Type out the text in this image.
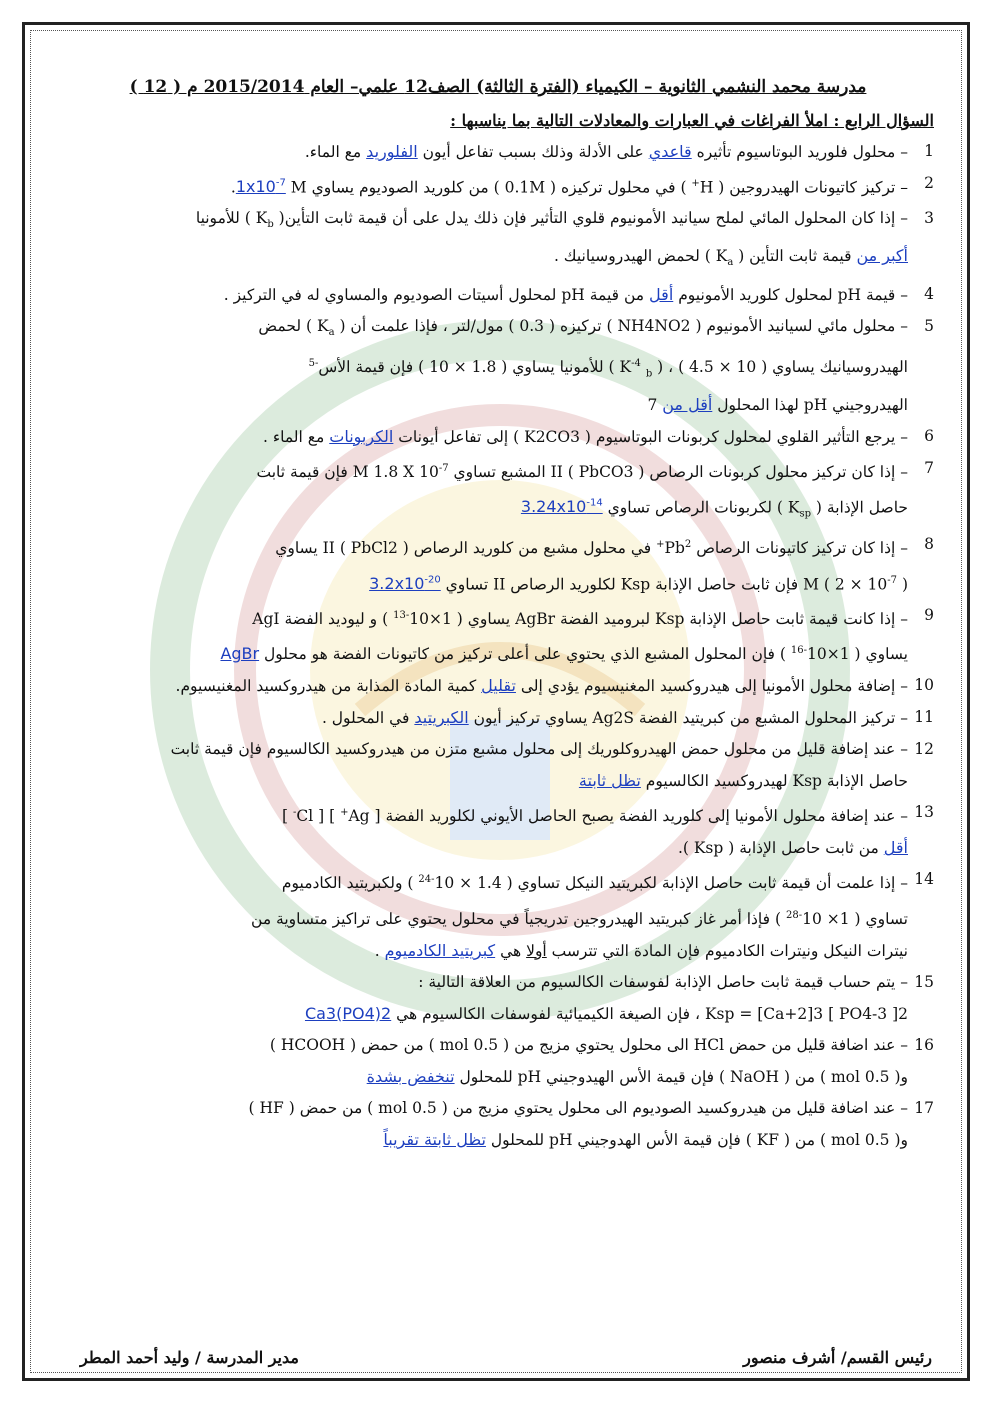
مدرسة محمد النشمي الثانوية – الكيمياء (الفترة الثالثة) الصف12 علمي– العام 2015/2014 م ( 12 )
السؤال الرابع : املأ الفراغات في العبارات والمعادلات التالية بما يناسبها :
1
– محلول فلوريد البوتاسيوم تأثيره قاعدي على الأدلة وذلك بسبب تفاعل أيون الفلوريد مع الماء.
2
– تركيز كاتيونات الهيدروجين ( H+ ) في محلول تركيزه ( 0.1M ) من كلوريد الصوديوم يساوي $1x10^{-7}$ M.
3
– إذا كان المحلول المائي لملح سيانيد الأمونيوم قلوي التأثير فإن ذلك يدل على أن قيمة ثابت التأين( $K_b$ ) للأمونيا
أكبر من قيمة ثابت التأين ( $K_a$ ) لحمض الهيدروسيانيك .
4
– قيمة pH لمحلول كلوريد الأمونيوم أقل من قيمة pH لمحلول أسيتات الصوديوم والمساوي له في التركيز .
5
– محلول مائي لسيانيد الأمونيوم ( NH4NO2 ) تركيزه ( 0.3 ) مول/لتر ، فإذا علمت أن ( $K_a$ ) لحمض
الهيدروسيانيك يساوي ( 10 × 4.5 ) ، ( $K^{-4}$ $_b$ ) للأمونيا يساوي ( 1.8 × 10 ) فإن قيمة الأس$^{-5}$
الهيدروجيني pH لهذا المحلول أقل من 7
6
– يرجع التأثير القلوي لمحلول كربونات البوتاسيوم ( K2CO3 ) إلى تفاعل أيونات الكربونات مع الماء .
7
– إذا كان تركيز محلول كربونات الرصاص II ( PbCO3 ) المشبع تساوي M 1.8 X $10^{-7}$ فإن قيمة ثابت
حاصل الإذابة ( $K_{sp}$ ) لكربونات الرصاص تساوي $3.24x10^{-14}$
8
– إذا كان تركيز كاتيونات الرصاص $Pb^{2+}$ في محلول مشبع من كلوريد الرصاص II ( PbCl2 ) يساوي
M ( $2 \times 10^{-7}$ ) فإن ثابت حاصل الإذابة Ksp لكلوريد الرصاص II تساوي $3.2x10^{-20}$
9
– إذا كانت قيمة ثابت حاصل الإذابة Ksp لبروميد الفضة AgBr يساوي ( $1\times 10^{-13}$ ) و ليوديد الفضة AgI
يساوي ( $1\times 10^{-16}$ ) فإن المحلول المشبع الذي يحتوي على أعلى تركيز من كاتيونات الفضة هو محلول AgBr
10
– إضافة محلول الأمونيا إلى هيدروكسيد المغنيسيوم يؤدي إلى تقليل كمية المادة المذابة من هيدروكسيد المغنيسيوم.
11
– تركيز المحلول المشبع من كبريتيد الفضة Ag2S يساوي تركيز أيون الكبريتيد في المحلول .
12
– عند إضافة قليل من محلول حمض الهيدروكلوريك إلى محلول مشبع متزن من هيدروكسيد الكالسيوم فإن قيمة ثابت
حاصل الإذابة Ksp لهيدروكسيد الكالسيوم تظل ثابتة
13
– عند إضافة محلول الأمونيا إلى كلوريد الفضة يصبح الحاصل الأيوني لكلوريد الفضة [ Ag+ ] [ Cl- ]
أقل من ثابت حاصل الإذابة ( Ksp ).
14
– إذا علمت أن قيمة ثابت حاصل الإذابة لكبريتيد النيكل تساوي ( $1.4 \times 10^{-24}$ ) ولكبريتيد الكادميوم
تساوي ( $1\times 10^{-28}$ ) فإذا أمر غاز كبريتيد الهيدروجين تدريجياً في محلول يحتوي على تراكيز متساوية من
نيترات النيكل ونيترات الكادميوم فإن المادة التي تترسب أولا هي كبريتيد الكادميوم .
15
– يتم حساب قيمة ثابت حاصل الإذابة لفوسفات الكالسيوم من العلاقة التالية :
Ksp = [Ca+2]3 [ PO4-3 ]2 ، فإن الصيغة الكيميائية لفوسفات الكالسيوم هي Ca3(PO4)2
16
– عند اضافة قليل من حمض HCl الى محلول يحتوي مزيج من ( 0.5 mol ) من حمض ( HCOOH )
و( 0.5 mol ) من ( NaOH ) فإن قيمة الأس الهيدوجيني pH للمحلول تنخفض بشدة
17
– عند اضافة قليل من هيدروكسيد الصوديوم الى محلول يحتوي مزيج من ( 0.5 mol ) من حمض ( HF )
و( 0.5 mol ) من ( KF ) فإن قيمة الأس الهدوجيني pH للمحلول تظل ثابتة تقريباً
رئيس القسم/ أشرف منصور
مدير المدرسة / وليد أحمد المطر
